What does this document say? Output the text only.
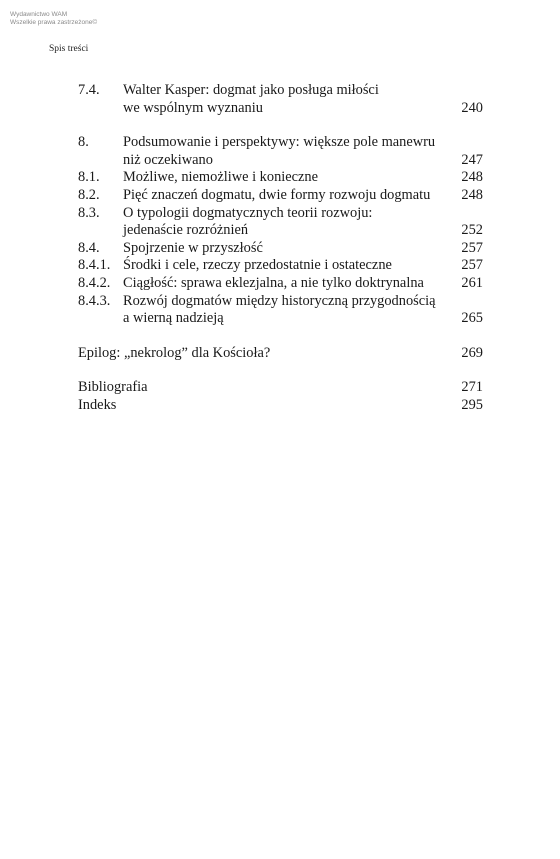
Wydawnictwo WAM
Wszelkie prawa zastrzeżone©
Spis treści
7.4.	Walter Kasper: dogmat jako posługa miłości
we wspólnym wyznaniu	240
8.	Podsumowanie i perspektywy: większe pole manewru
niż oczekiwano	247
8.1.	Możliwe, niemożliwe i konieczne	248
8.2.	Pięć znaczeń dogmatu, dwie formy rozwoju dogmatu	248
8.3.	O typologii dogmatycznych teorii rozwoju:
jedenaście rozróżnień	252
8.4.	Spojrzenie w przyszłość	257
8.4.1. Środki i cele, rzeczy przedostatnie i ostateczne	257
8.4.2. Ciągłość: sprawa eklezjalna, a nie tylko doktrynalna	261
8.4.3. Rozwój dogmatów między historyczną przygodnością
a wierną nadzieją	265
Epilog: „nekrolog” dla Kościoła?	269
Bibliografia	271
Indeks	295
